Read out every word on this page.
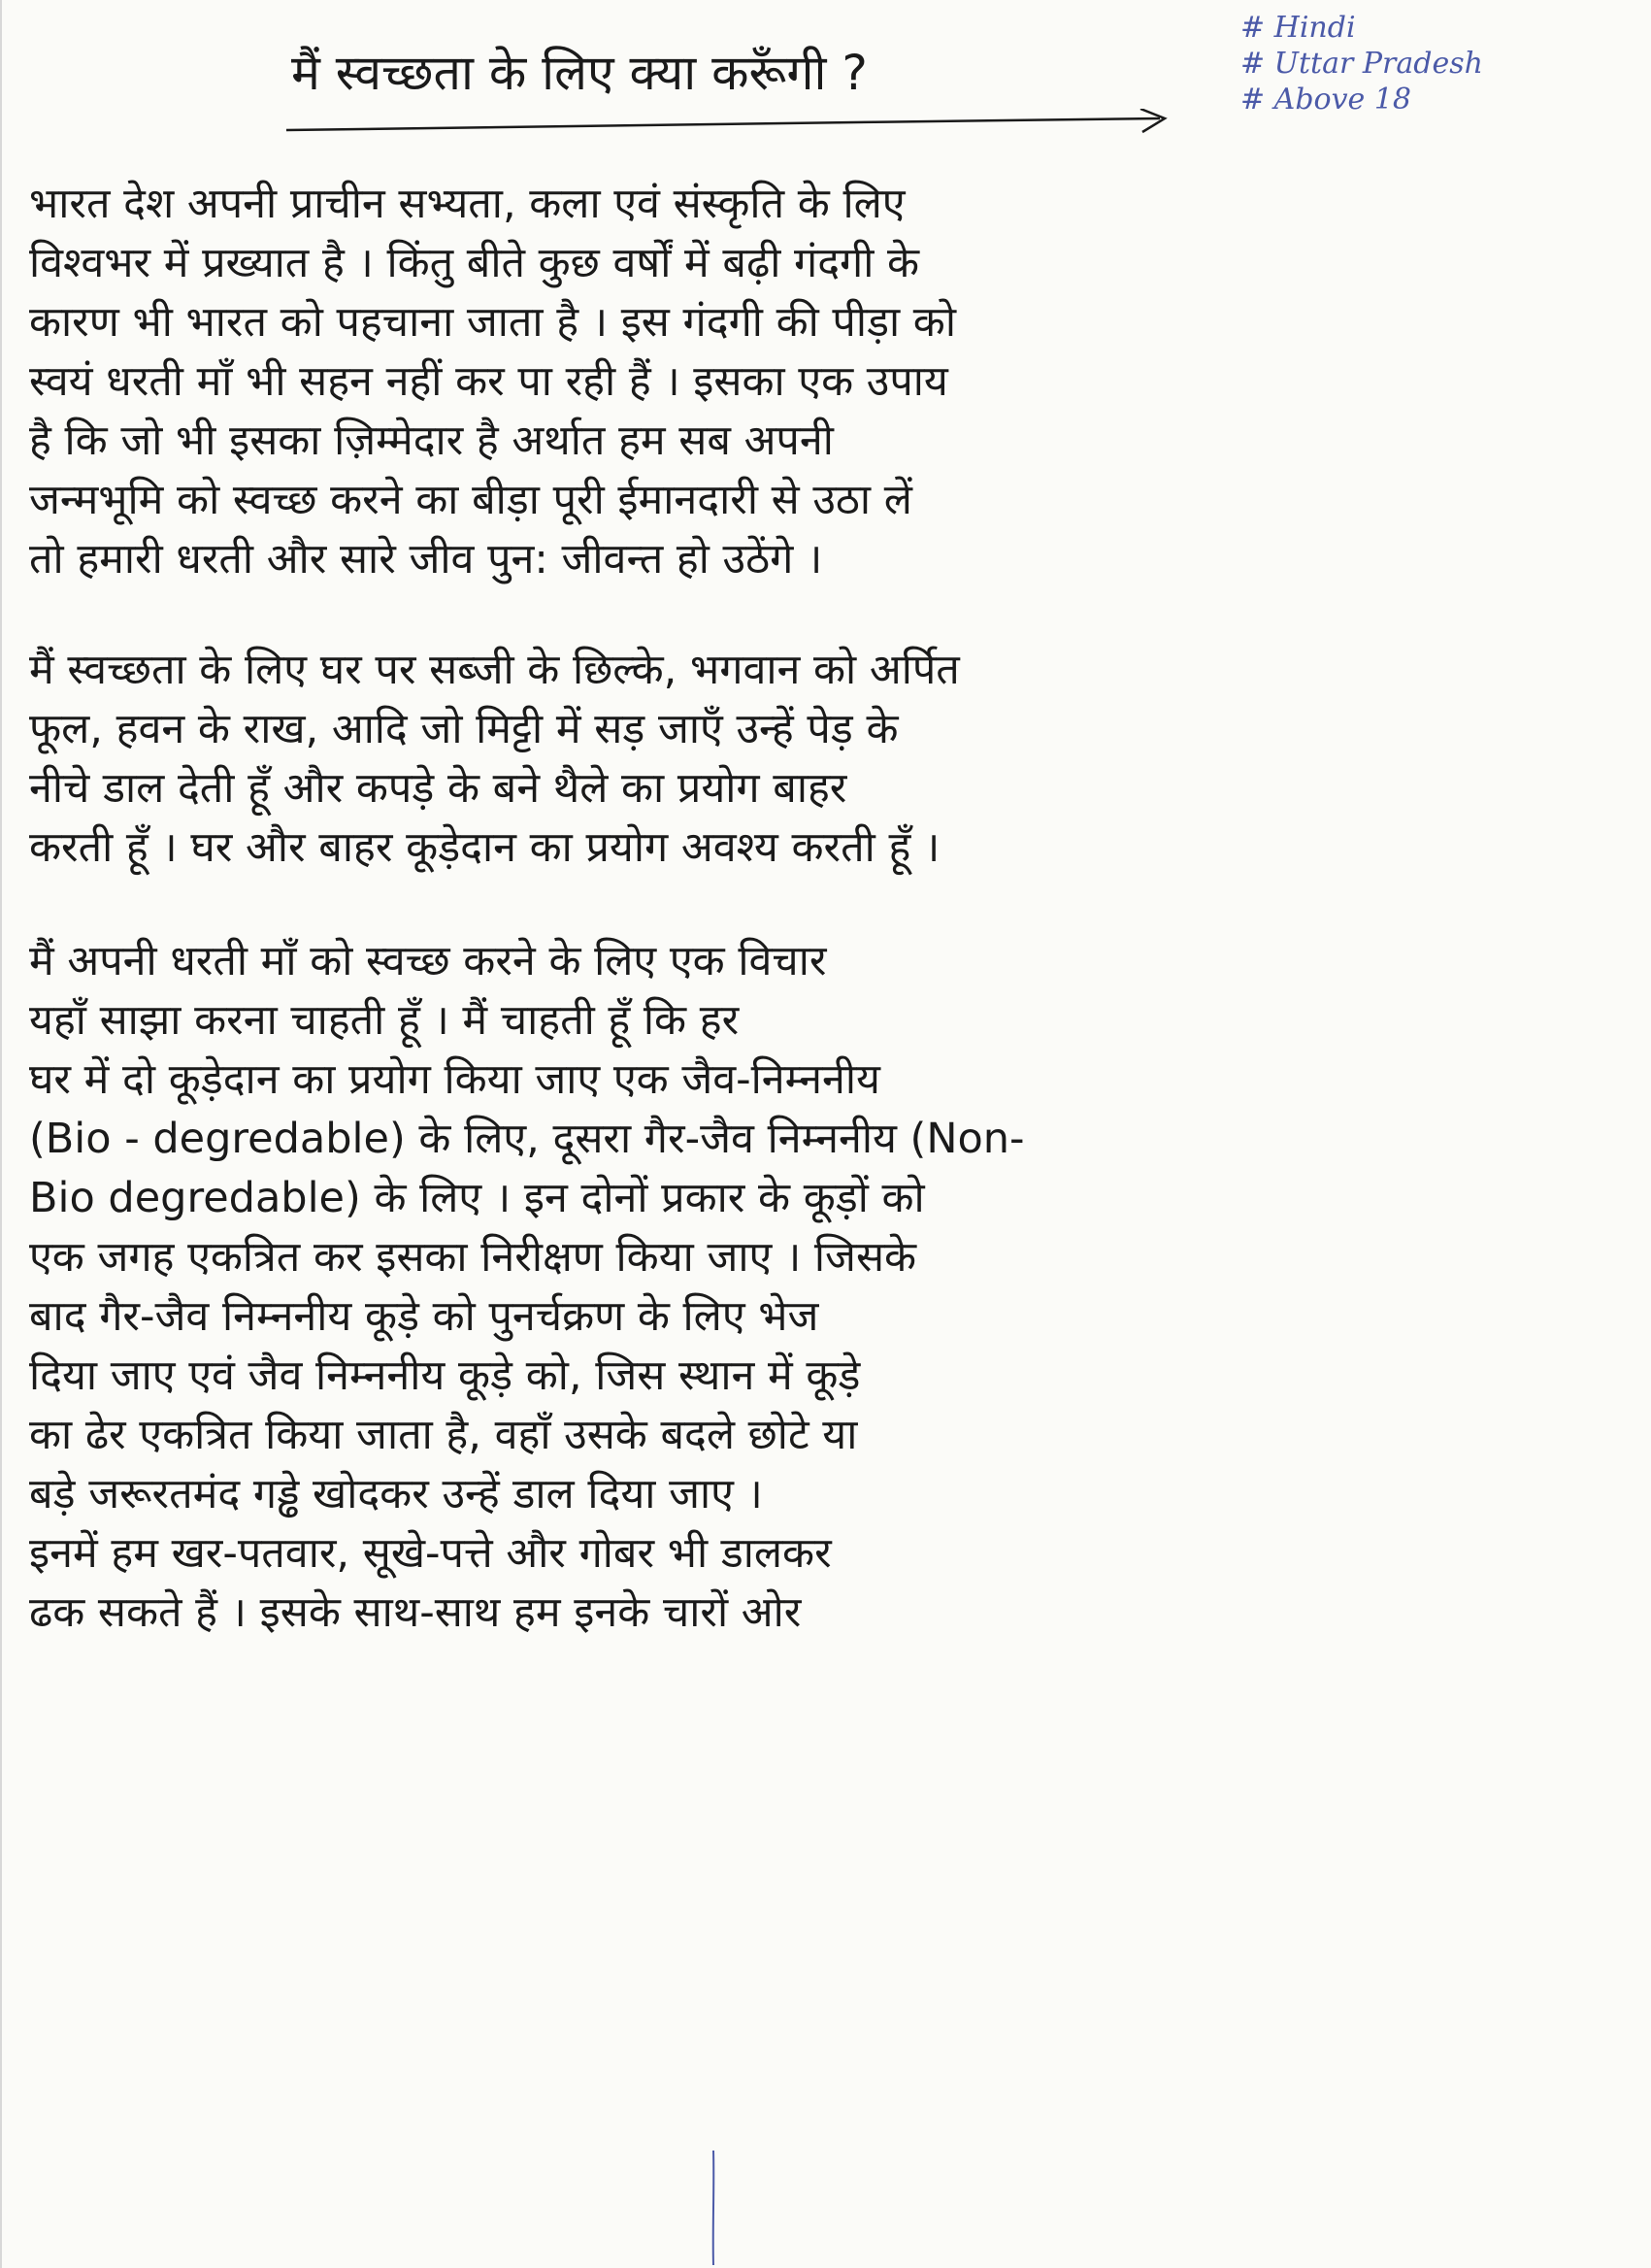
मैं स्वच्छता के लिए क्या करूँगी ?
# Hindi
# Uttar Pradesh
# Above 18
भारत देश अपनी प्राचीन सभ्यता, कला एवं संस्कृति के लिए
विश्वभर में प्रख्यात है । किंतु बीते कुछ वर्षों में बढ़ी गंदगी के
कारण भी भारत को पहचाना जाता है । इस गंदगी की पीड़ा को
स्वयं धरती माँ भी सहन नहीं कर पा रही हैं । इसका एक उपाय
है कि जो भी इसका ज़िम्मेदार है अर्थात हम सब अपनी
जन्मभूमि को स्वच्छ करने का बीड़ा पूरी ईमानदारी से उठा लें
तो हमारी धरती और सारे जीव पुन: जीवन्त हो उठेंगे ।
मैं स्वच्छता के लिए घर पर सब्जी के छिल्के, भगवान को अर्पित
फूल, हवन के राख, आदि जो मिट्टी में सड़ जाएँ उन्हें पेड़ के
नीचे डाल देती हूँ और कपड़े के बने थैले का प्रयोग बाहर
करती हूँ । घर और बाहर कूड़ेदान का प्रयोग अवश्य करती हूँ ।
मैं अपनी धरती माँ को स्वच्छ करने के लिए एक विचार
यहाँ साझा करना चाहती हूँ । मैं चाहती हूँ कि हर
घर में दो कूड़ेदान का प्रयोग किया जाए एक जैव-निम्ननीय
(Bio - degredable) के लिए, दूसरा गैर-जैव निम्ननीय (Non-
Bio degredable) के लिए । इन दोनों प्रकार के कूड़ों को
एक जगह एकत्रित कर इसका निरीक्षण किया जाए । जिसके
बाद गैर-जैव निम्ननीय कूड़े को पुनर्चक्रण के लिए भेज
दिया जाए एवं जैव निम्ननीय कूड़े को, जिस स्थान में कूड़े
का ढेर एकत्रित किया जाता है, वहाँ उसके बदले छोटे या
बड़े जरूरतमंद गड्ढे खोदकर उन्हें डाल दिया जाए ।
इनमें हम खर-पतवार, सूखे-पत्ते और गोबर भी डालकर
ढक सकते हैं । इसके साथ-साथ हम इनके चारों ओर
